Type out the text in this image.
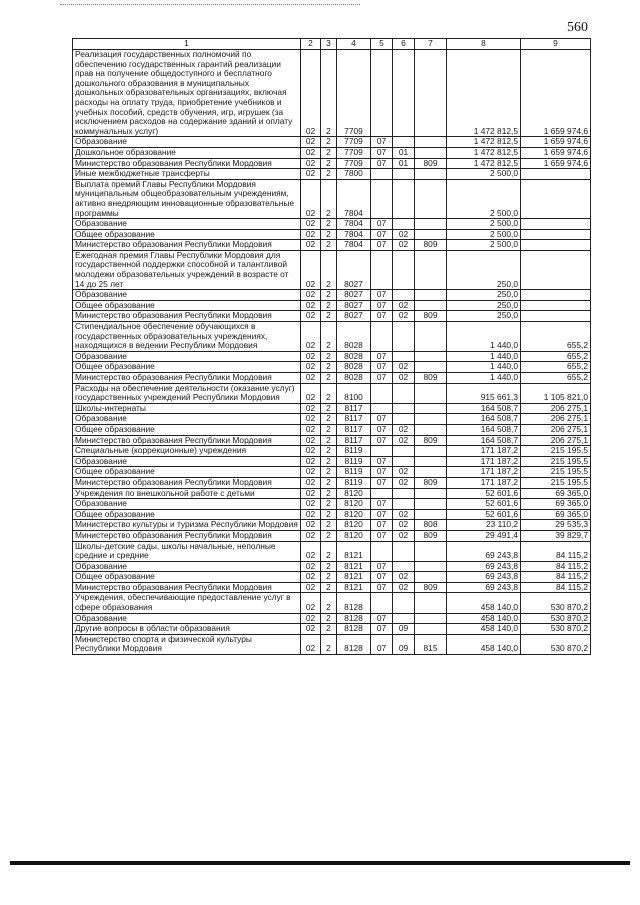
560
1	2	3	4	5	6	7	8	9
Реализация государственных полномочий по обеспечению государственных гарантий реализации прав на получение общедоступного и бесплатного дошкольного образования в муниципальных дошкольных образовательных организациях, включая расходы на оплату труда, приобретение учебников и учебных пособий, средств обучения, игр, игрушек (за исключением расходов на содержание зданий и оплату коммунальных услуг)	02	2	7709				1 472 812,5	1 659 974,6
Образование	02	2	7709	07			1 472 812,5	1 659 974,6
Дошкольное образование	02	2	7709	07	01		1 472 812,5	1 659 974,6
Министерство образования Республики Мордовия	02	2	7709	07	01	809	1 472 812,5	1 659 974,6
Иные межбюджетные трансферты	02	2	7800				2 500,0	
Выплата премий Главы Республики Мордовия муниципальным общеобразовательным учреждениям, активно внедряющим инновационные образовательные программы	02	2	7804				2 500,0	
Образование	02	2	7804	07			2 500,0	
Общее образование	02	2	7804	07	02		2 500,0	
Министерство образования Республики Мордовия	02	2	7804	07	02	809	2 500,0	
Ежегодная премия Главы Республики Мордовия для государственной поддержки способной и талантливой молодежи образовательных учреждений в возрасте от 14 до 25 лет	02	2	8027				250,0	
Образование	02	2	8027	07			250,0	
Общее образование	02	2	8027	07	02		250,0	
Министерство образования Республики Мордовия	02	2	8027	07	02	809	250,0	
Стипендиальное обеспечение обучающихся в государственных образовательных учреждениях, находящихся в ведении Республики Мордовия	02	2	8028				1 440,0	655,2
Образование	02	2	8028	07			1 440,0	655,2
Общее образование	02	2	8028	07	02		1 440,0	655,2
Министерство образования Республики Мордовия	02	2	8028	07	02	809	1 440,0	655,2
Расходы на обеспечение деятельности (оказание услуг) государственных учреждений Республики Мордовия	02	2	8100				915 661,3	1 105 821,0
Школы-интернаты	02	2	8117				164 508,7	206 275,1
Образование	02	2	8117	07			164 508,7	206 275,1
Общее образование	02	2	8117	07	02		164 508,7	206 275,1
Министерство образования Республики Мордовия	02	2	8117	07	02	809	164 508,7	206 275,1
Специальные (коррекционные) учреждения	02	2	8119				171 187,2	215 195,5
Образование	02	2	8119	07			171 187,2	215 195,5
Общее образование	02	2	8119	07	02		171 187,2	215 195,5
Министерство образования Республики Мордовия	02	2	8119	07	02	809	171 187,2	215 195,5
Учреждения по внешкольной работе с детьми	02	2	8120				52 601,6	69 365,0
Образование	02	2	8120	07			52 601,6	69 365,0
Общее образование	02	2	8120	07	02		52 601,6	69 365,0
Министерство культуры и туризма Республики Мордовия	02	2	8120	07	02	808	23 110,2	29 535,3
Министерство образования Республики Мордовия	02	2	8120	07	02	809	29 491,4	39 829,7
Школы-детские сады, школы начальные, неполные средние и средние	02	2	8121				69 243,8	84 115,2
Образование	02	2	8121	07			69 243,8	84 115,2
Общее образование	02	2	8121	07	02		69 243,8	84 115,2
Министерство образования Республики Мордовия	02	2	8121	07	02	809	69 243,8	84 115,2
Учреждения, обеспечивающие предоставление услуг в сфере образования	02	2	8128				458 140,0	530 870,2
Образование	02	2	8128	07			458 140,0	530 870,2
Другие вопросы в области образования	02	2	8128	07	09		458 140,0	530 870,2
Министерство спорта и физической культуры Республики Мордовия	02	2	8128	07	09	815	458 140,0	530 870,2
